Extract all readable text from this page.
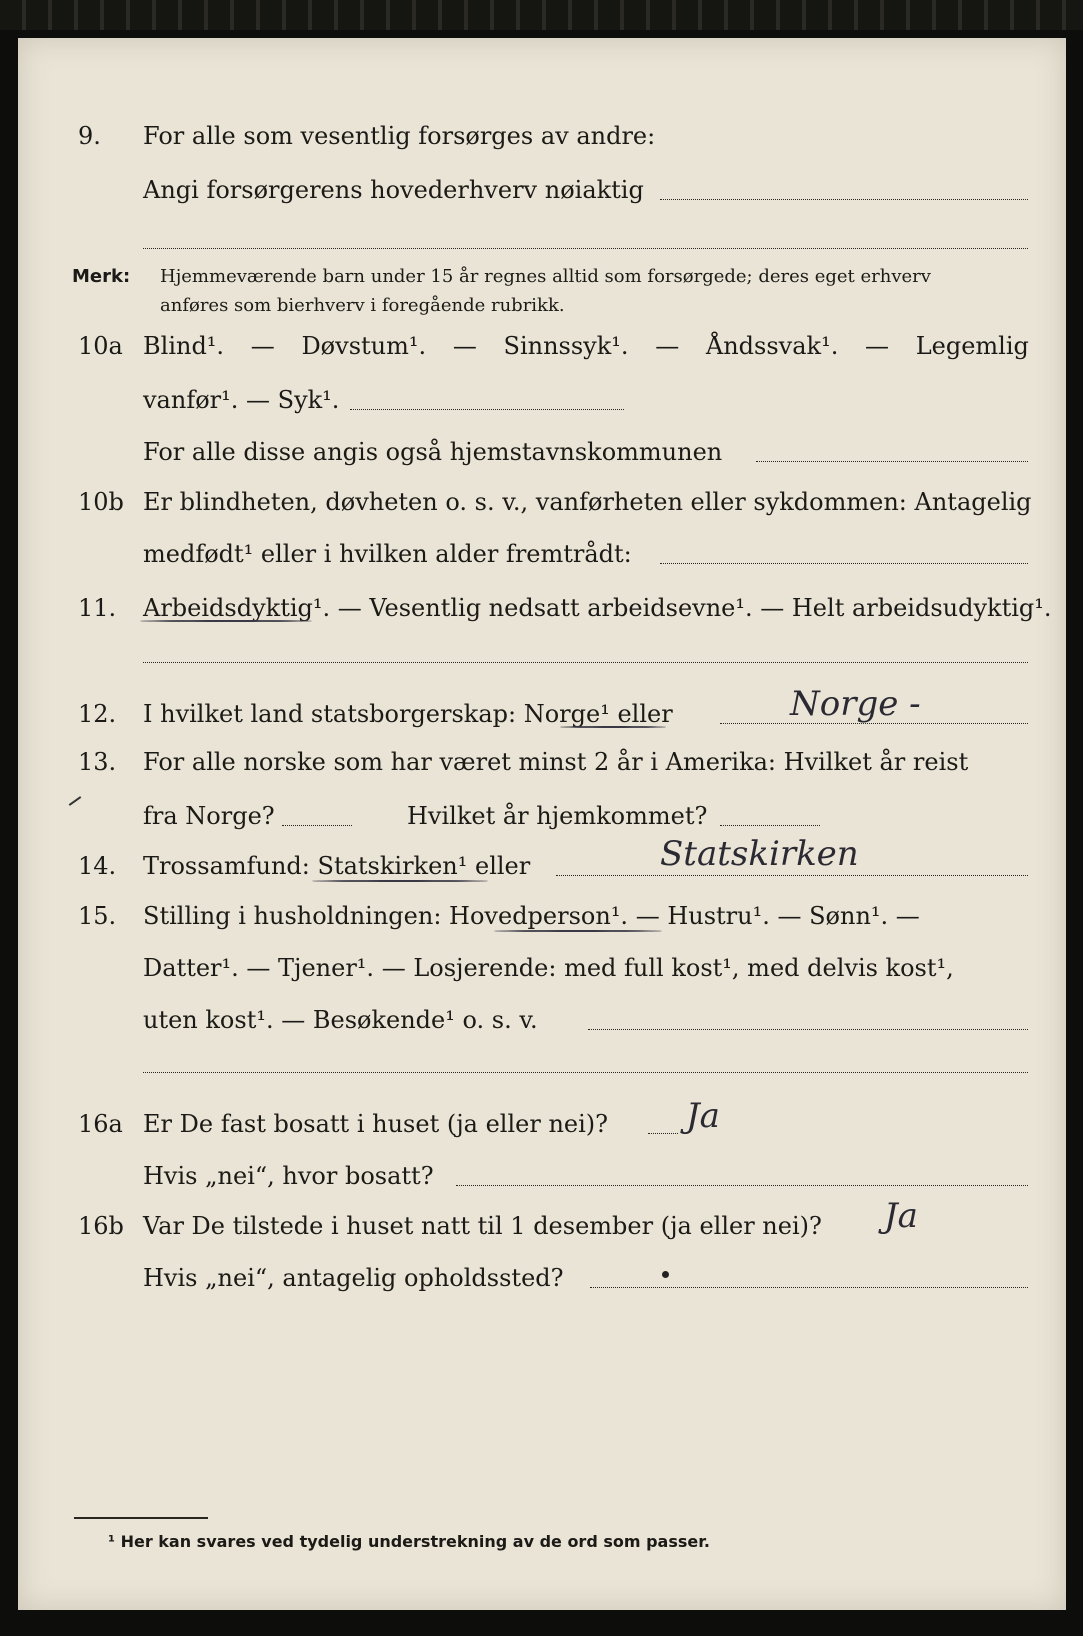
9.	For alle som vesentlig forsørges av andre:
Angi forsørgerens hovederhverv nøiaktig
Merk: Hjemmeværende barn under 15 år regnes alltid som forsørgede; deres eget erhverv
anføres som bierhverv i foregående rubrikk.
10a Blind¹. — Døvstum¹. — Sinnssyk¹. — Åndssvak¹. — Legemlig
vanfør¹. — Syk¹.
For alle disse angis også hjemstavnskommunen
10b Er blindheten, døvheten o. s. v., vanførheten eller sykdommen: Antagelig
medfødt¹ eller i hvilken alder fremtrådt:
11.	Arbeidsdyktig¹. — Vesentlig nedsatt arbeidsevne¹. — Helt arbeidsudyktig¹.
12.	I hvilket land statsborgerskap: Norge¹ eller	Norge -
13.	For alle norske som har været minst 2 år i Amerika: Hvilket år reist
fra Norge?	Hvilket år hjemkommet?
14.	Trossamfund: Statskirken¹ eller	Statskirken
15.	Stilling i husholdningen: Hovedperson¹. — Hustru¹. — Sønn¹. —
Datter¹. — Tjener¹. — Losjerende: med full kost¹, med delvis kost¹,
uten kost¹. — Besøkende¹ o. s. v.
16a Er De fast bosatt i huset (ja eller nei)? Ja
Hvis „nei“, hvor bosatt?
16b Var De tilstede i huset natt til 1 desember (ja eller nei)? Ja
Hvis „nei“, antagelig opholdssted?
¹ Her kan svares ved tydelig understrekning av de ord som passer.
